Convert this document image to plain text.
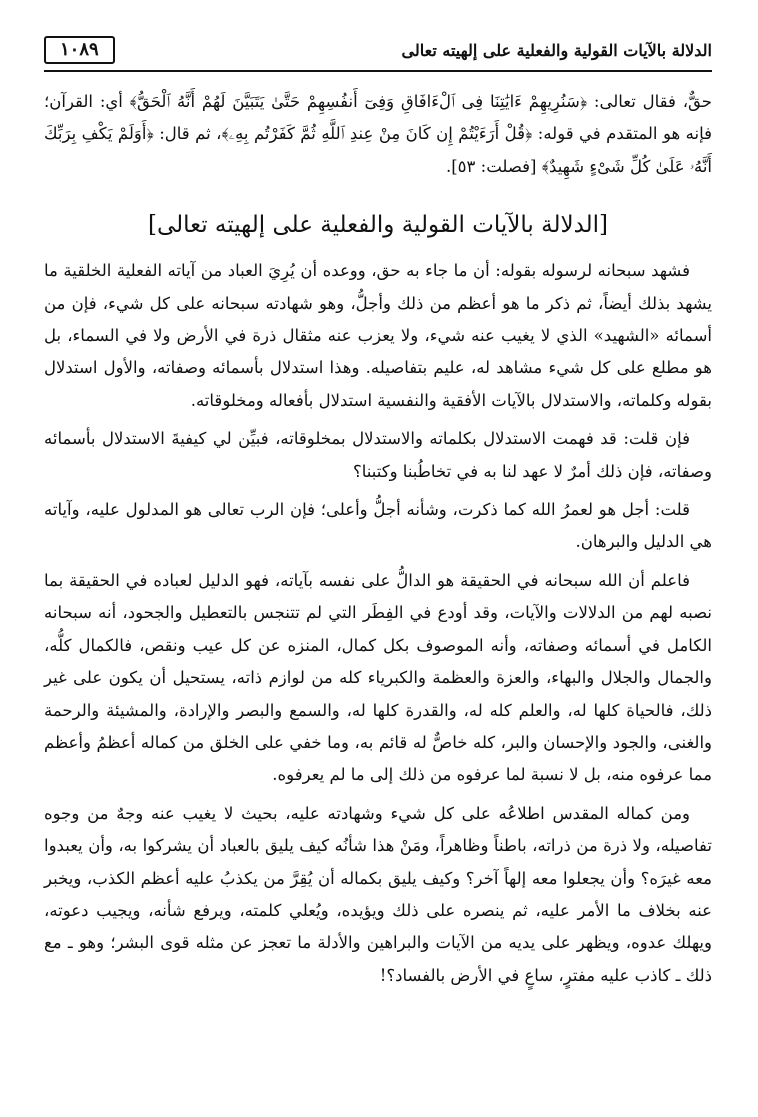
الدلالة بالآيات القولية والفعلية على إلهيته تعالى
١٠٨٩

حقٌّ، فقال تعالى: ﴿سَنُرِيهِمْ ءَايَٰتِنَا فِى ٱلْءَافَاقِ وَفِىٓ أَنفُسِهِمْ حَتَّىٰ يَتَبَيَّنَ لَهُمْ أَنَّهُ ٱلْحَقُّ﴾ أي: القرآن؛ فإنه هو المتقدم في قوله: ﴿قُلْ أَرَءَيْتُمْ إِن كَانَ مِنْ عِندِ ٱللَّهِ ثُمَّ كَفَرْتُم بِهِۦ﴾، ثم قال: ﴿أَوَلَمْ يَكْفِ بِرَبِّكَ أَنَّهُۥ عَلَىٰ كُلِّ شَىْءٍ شَهِيدٌ﴾ [فصلت: ٥٣].

[الدلالة بالآيات القولية والفعلية على إلهيته تعالى]

فشهد سبحانه لرسوله بقوله: أن ما جاء به حق، ووعده أن يُرِيَ العباد من آياته الفعلية الخلقية ما يشهد بذلك أيضاً، ثم ذكر ما هو أعظم من ذلك وأجلُّ، وهو شهادته سبحانه على كل شيء، فإن من أسمائه «الشهيد» الذي لا يغيب عنه شيء، ولا يعزب عنه مثقال ذرة في الأرض ولا في السماء، بل هو مطلع على كل شيء مشاهد له، عليم بتفاصيله. وهذا استدلال بأسمائه وصفاته، والأول استدلال بقوله وكلماته، والاستدلال بالآيات الأفقية والنفسية استدلال بأفعاله ومخلوقاته.

فإن قلت: قد فهمت الاستدلال بكلماته والاستدلال بمخلوقاته، فبيِّن لي كيفيةَ الاستدلال بأسمائه وصفاته، فإن ذلك أمرٌ لا عهد لنا به في تخاطُبنا وكتبنا؟

قلت: أجل هو لعمرُ الله كما ذكرت، وشأنه أجلُّ وأعلى؛ فإن الرب تعالى هو المدلول عليه، وآياته هي الدليل والبرهان.

فاعلم أن الله سبحانه في الحقيقة هو الدالُّ على نفسه بآياته، فهو الدليل لعباده في الحقيقة بما نصبه لهم من الدلالات والآيات، وقد أودع في الفِطَر التي لم تتنجس بالتعطيل والجحود، أنه سبحانه الكامل في أسمائه وصفاته، وأنه الموصوف بكل كمال، المنزه عن كل عيب ونقص، فالكمال كلُّه، والجمال والجلال والبهاء، والعزة والعظمة والكبرياء كله من لوازم ذاته، يستحيل أن يكون على غير ذلك، فالحياة كلها له، والعلم كله له، والقدرة كلها له، والسمع والبصر والإرادة، والمشيئة والرحمة والغنى، والجود والإحسان والبر، كله خاصٌّ له قائم به، وما خفي على الخلق من كماله أعظمُ وأعظم مما عرفوه منه، بل لا نسبة لما عرفوه من ذلك إلى ما لم يعرفوه.

ومن كماله المقدس اطلاعُه على كل شيء وشهادته عليه، بحيث لا يغيب عنه وجهٌ من وجوه تفاصيله، ولا ذرة من ذراته، باطناً وظاهراً، ومَنْ هذا شأنُه كيف يليق بالعباد أن يشركوا به، وأن يعبدوا معه غيرَه؟ وأن يجعلوا معه إلهاً آخر؟ وكيف يليق بكماله أن يُقِرَّ من يكذبُ عليه أعظم الكذب، ويخبر عنه بخلاف ما الأمر عليه، ثم ينصره على ذلك ويؤيده، ويُعلي كلمته، ويرفع شأنه، ويجيب دعوته، ويهلك عدوه، ويظهر على يديه من الآيات والبراهين والأدلة ما تعجز عن مثله قوى البشر؛ وهو ـ مع ذلك ـ كاذب عليه مفترٍ، ساعٍ في الأرض بالفساد؟!
